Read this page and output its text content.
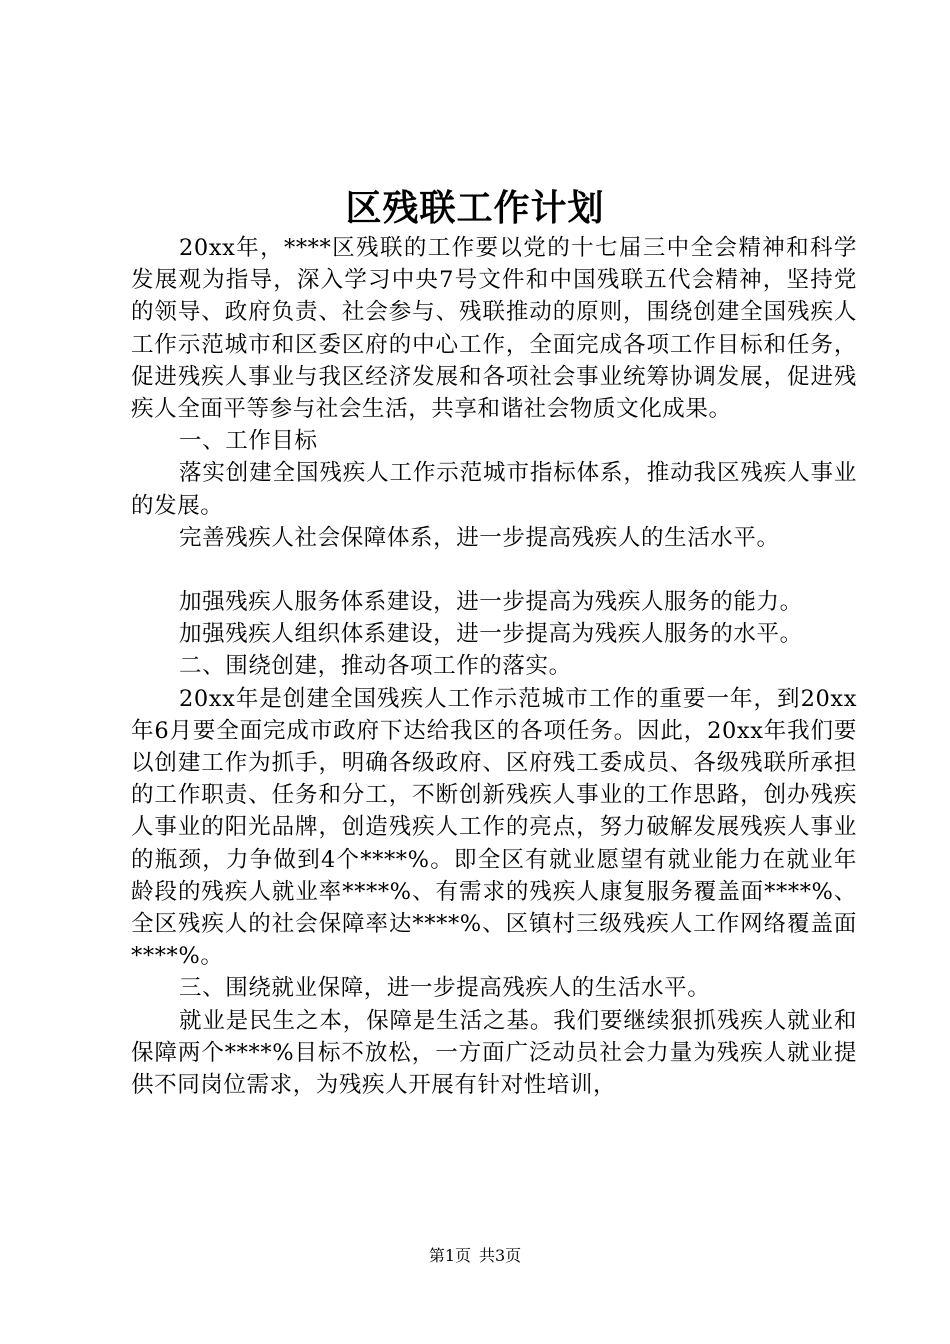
区残联工作计划

20xx年，****区残联的工作要以党的十七届三中全会精神和科学发展观为指导，深入学习中央7号文件和中国残联五代会精神，坚持党的领导、政府负责、社会参与、残联推动的原则，围绕创建全国残疾人工作示范城市和区委区府的中心工作，全面完成各项工作目标和任务，促进残疾人事业与我区经济发展和各项社会事业统筹协调发展，促进残疾人全面平等参与社会生活，共享和谐社会物质文化成果。

一、工作目标

落实创建全国残疾人工作示范城市指标体系，推动我区残疾人事业的发展。

完善残疾人社会保障体系，进一步提高残疾人的生活水平。

加强残疾人服务体系建设，进一步提高为残疾人服务的能力。

加强残疾人组织体系建设，进一步提高为残疾人服务的水平。

二、围绕创建，推动各项工作的落实。

20xx年是创建全国残疾人工作示范城市工作的重要一年，到20xx年6月要全面完成市政府下达给我区的各项任务。因此，20xx年我们要以创建工作为抓手，明确各级政府、区府残工委成员、各级残联所承担的工作职责、任务和分工，不断创新残疾人事业的工作思路，创办残疾人事业的阳光品牌，创造残疾人工作的亮点，努力破解发展残疾人事业的瓶颈，力争做到4个****%。即全区有就业愿望有就业能力在就业年龄段的残疾人就业率****%、有需求的残疾人康复服务覆盖面****%、全区残疾人的社会保障率达****%、区镇村三级残疾人工作网络覆盖面****%。

三、围绕就业保障，进一步提高残疾人的生活水平。

就业是民生之本，保障是生活之基。我们要继续狠抓残疾人就业和保障两个****%目标不放松，一方面广泛动员社会力量为残疾人就业提供不同岗位需求，为残疾人开展有针对性培训，

第1页 共3页
